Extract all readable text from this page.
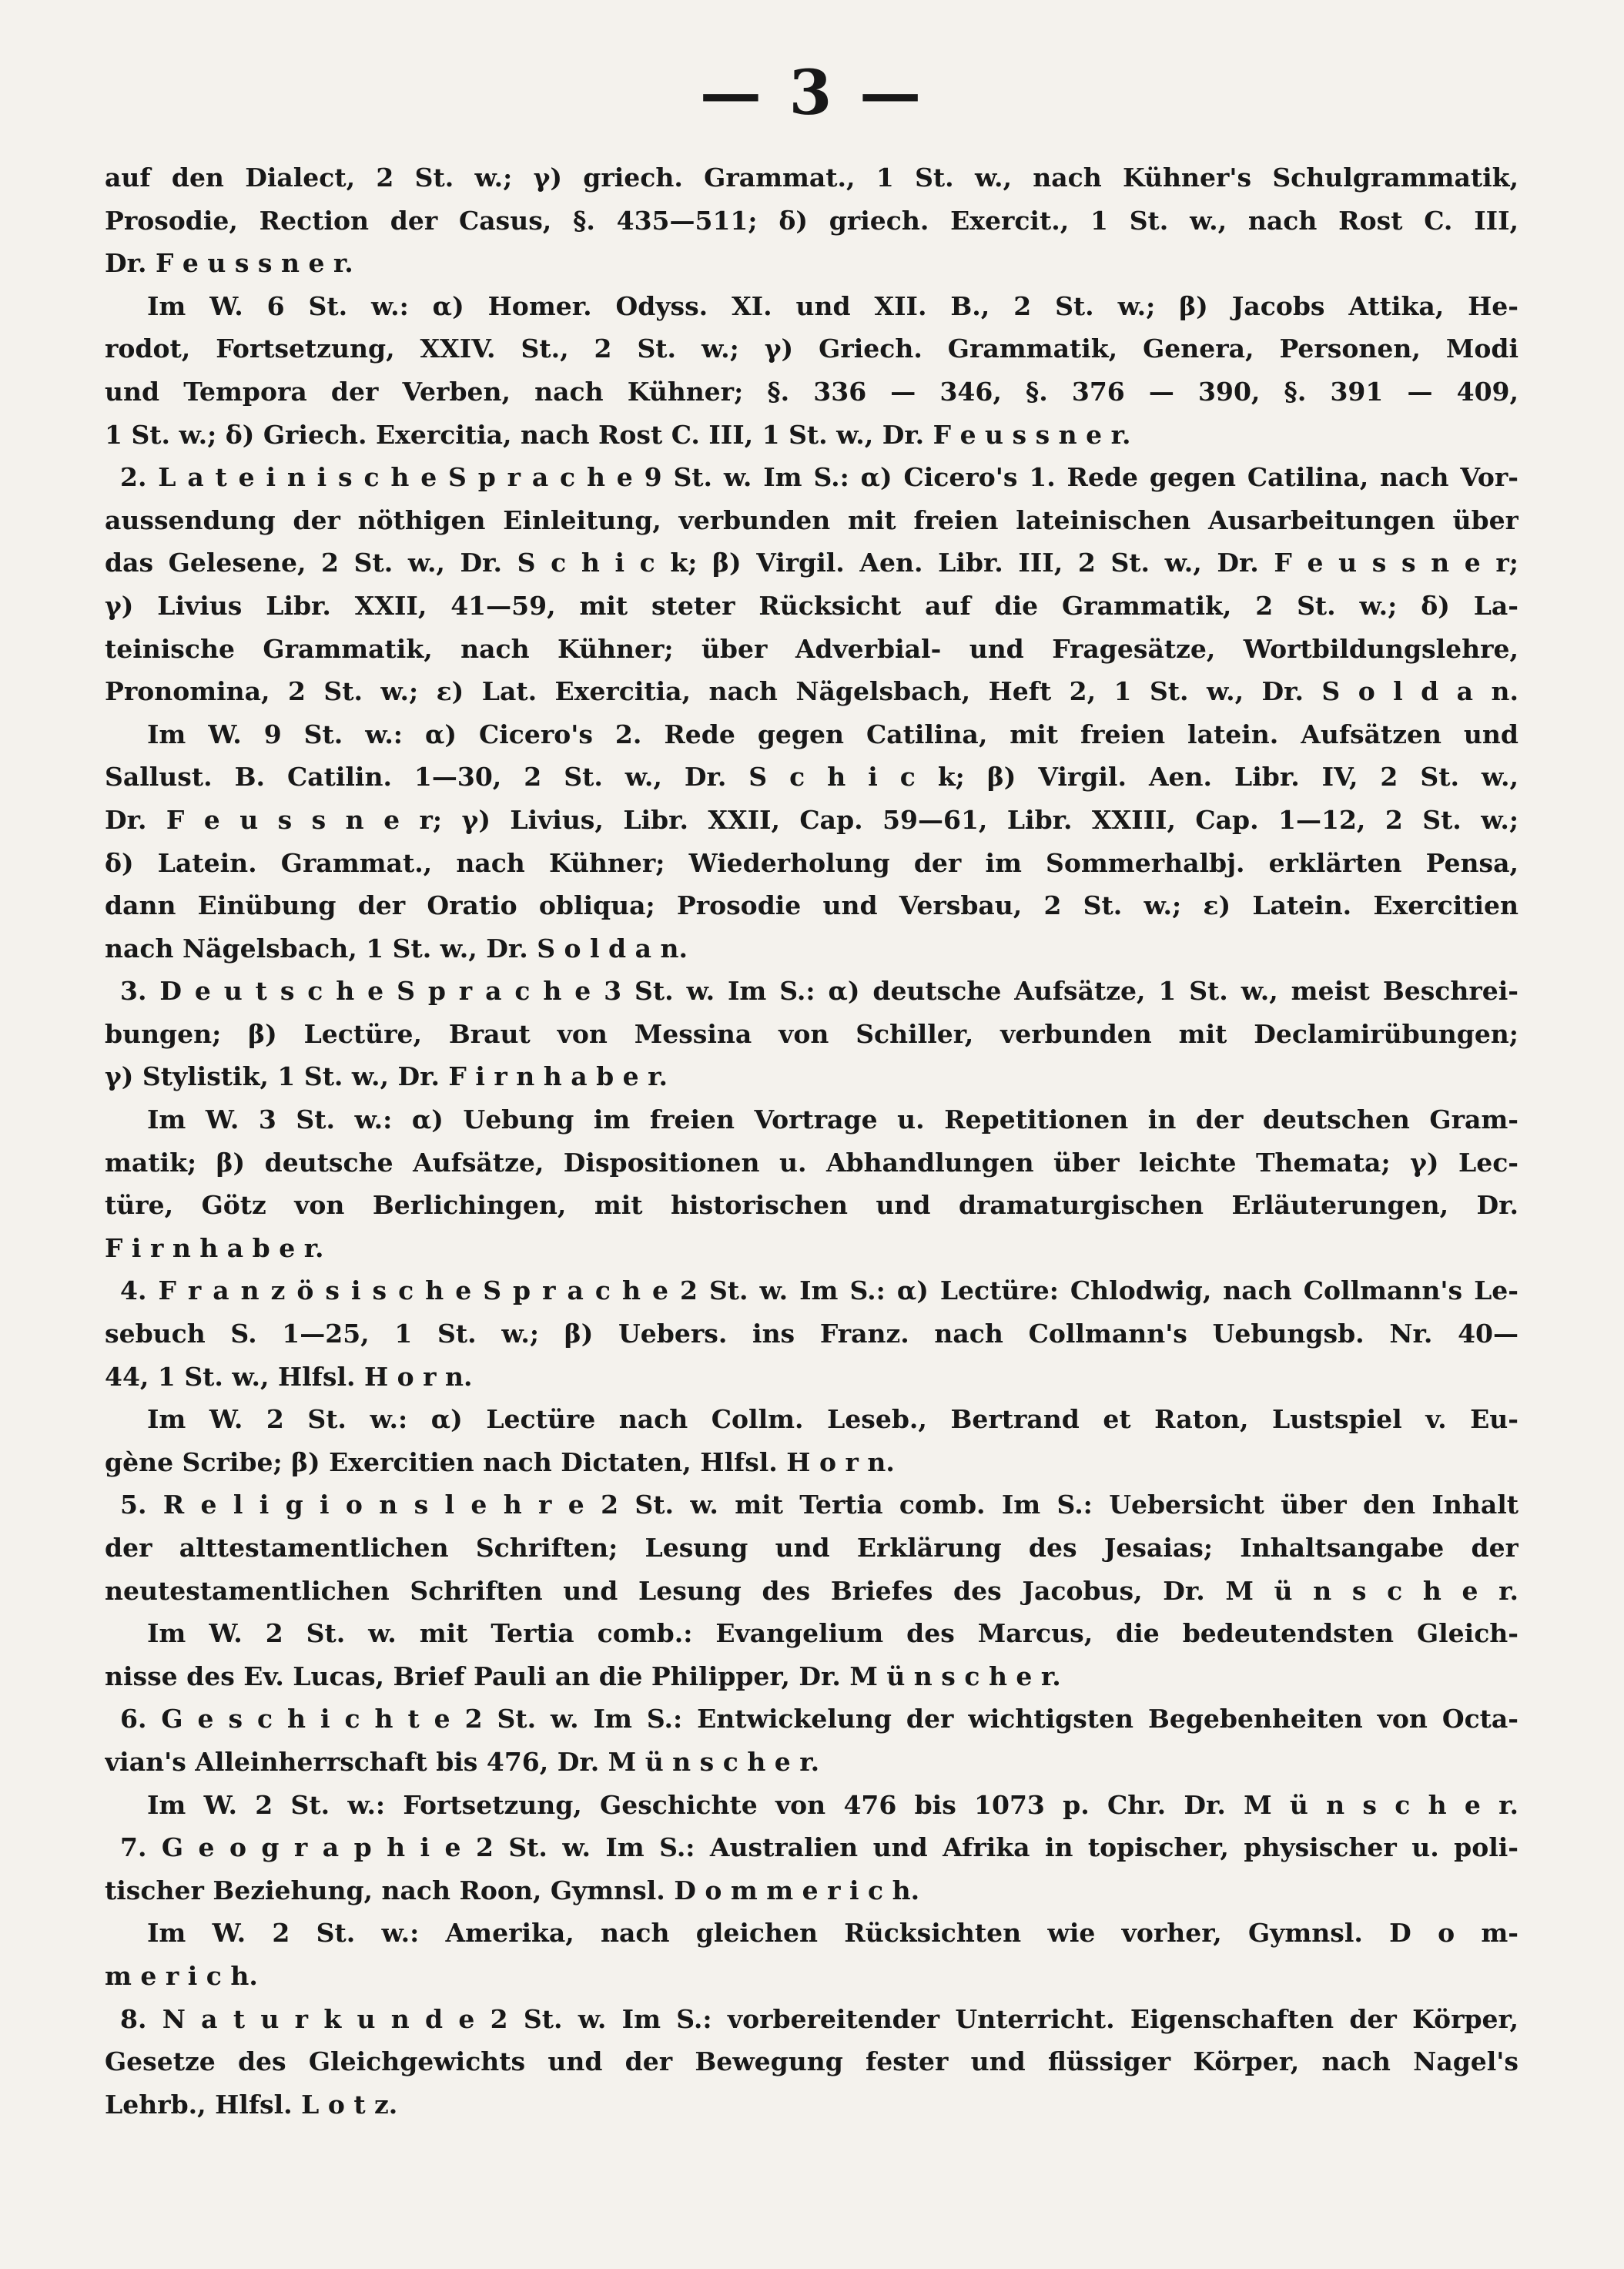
— 3 —
auf den Dialect, 2 St. w.; γ) griech. Grammat., 1 St. w., nach Kühner's Schulgrammatik,
Prosodie, Rection der Casus, §. 435—511; δ) griech. Exercit., 1 St. w., nach Rost C. III,
Dr. F e u s s n e r.
Im W. 6 St. w.: α) Homer. Odyss. XI. und XII. B., 2 St. w.; β) Jacobs Attika, He-
rodot, Fortsetzung, XXIV. St., 2 St. w.; γ) Griech. Grammatik, Genera, Personen, Modi
und Tempora der Verben, nach Kühner; §. 336 — 346, §. 376 — 390, §. 391 — 409,
1 St. w.; δ) Griech. Exercitia, nach Rost C. III, 1 St. w., Dr. F e u s s n e r.
2. L a t e i n i s c h e S p r a c h e 9 St. w. Im S.: α) Cicero's 1. Rede gegen Catilina, nach Vor-
aussendung der nöthigen Einleitung, verbunden mit freien lateinischen Ausarbeitungen über
das Gelesene, 2 St. w., Dr. S c h i c k; β) Virgil. Aen. Libr. III, 2 St. w., Dr. F e u s s n e r;
γ) Livius Libr. XXII, 41—59, mit steter Rücksicht auf die Grammatik, 2 St. w.; δ) La-
teinische Grammatik, nach Kühner; über Adverbial- und Fragesätze, Wortbildungslehre,
Pronomina, 2 St. w.; ε) Lat. Exercitia, nach Nägelsbach, Heft 2, 1 St. w., Dr. S o l d a n.
Im W. 9 St. w.: α) Cicero's 2. Rede gegen Catilina, mit freien latein. Aufsätzen und
Sallust. B. Catilin. 1—30, 2 St. w., Dr. S c h i c k; β) Virgil. Aen. Libr. IV, 2 St. w.,
Dr. F e u s s n e r; γ) Livius, Libr. XXII, Cap. 59—61, Libr. XXIII, Cap. 1—12, 2 St. w.;
δ) Latein. Grammat., nach Kühner; Wiederholung der im Sommerhalbj. erklärten Pensa,
dann Einübung der Oratio obliqua; Prosodie und Versbau, 2 St. w.; ε) Latein. Exercitien
nach Nägelsbach, 1 St. w., Dr. S o l d a n.
3. D e u t s c h e S p r a c h e 3 St. w. Im S.: α) deutsche Aufsätze, 1 St. w., meist Beschrei-
bungen; β) Lectüre, Braut von Messina von Schiller, verbunden mit Declamirübungen;
γ) Stylistik, 1 St. w., Dr. F i r n h a b e r.
Im W. 3 St. w.: α) Uebung im freien Vortrage u. Repetitionen in der deutschen Gram-
matik; β) deutsche Aufsätze, Dispositionen u. Abhandlungen über leichte Themata; γ) Lec-
türe, Götz von Berlichingen, mit historischen und dramaturgischen Erläuterungen, Dr.
F i r n h a b e r.
4. F r a n z ö s i s c h e S p r a c h e 2 St. w. Im S.: α) Lectüre: Chlodwig, nach Collmann's Le-
sebuch S. 1—25, 1 St. w.; β) Uebers. ins Franz. nach Collmann's Uebungsb. Nr. 40—
44, 1 St. w., Hlfsl. H o r n.
Im W. 2 St. w.: α) Lectüre nach Collm. Leseb., Bertrand et Raton, Lustspiel v. Eu-
gène Scribe; β) Exercitien nach Dictaten, Hlfsl. H o r n.
5. R e l i g i o n s l e h r e 2 St. w. mit Tertia comb. Im S.: Uebersicht über den Inhalt
der alttestamentlichen Schriften; Lesung und Erklärung des Jesaias; Inhaltsangabe der
neutestamentlichen Schriften und Lesung des Briefes des Jacobus, Dr. M ü n s c h e r.
Im W. 2 St. w. mit Tertia comb.: Evangelium des Marcus, die bedeutendsten Gleich-
nisse des Ev. Lucas, Brief Pauli an die Philipper, Dr. M ü n s c h e r.
6. G e s c h i c h t e 2 St. w. Im S.: Entwickelung der wichtigsten Begebenheiten von Octa-
vian's Alleinherrschaft bis 476, Dr. M ü n s c h e r.
Im W. 2 St. w.: Fortsetzung, Geschichte von 476 bis 1073 p. Chr. Dr. M ü n s c h e r.
7. G e o g r a p h i e 2 St. w. Im S.: Australien und Afrika in topischer, physischer u. poli-
tischer Beziehung, nach Roon, Gymnsl. D o m m e r i c h.
Im W. 2 St. w.: Amerika, nach gleichen Rücksichten wie vorher, Gymnsl. D o m-
m e r i c h.
8. N a t u r k u n d e 2 St. w. Im S.: vorbereitender Unterricht. Eigenschaften der Körper,
Gesetze des Gleichgewichts und der Bewegung fester und flüssiger Körper, nach Nagel's
Lehrb., Hlfsl. L o t z.
